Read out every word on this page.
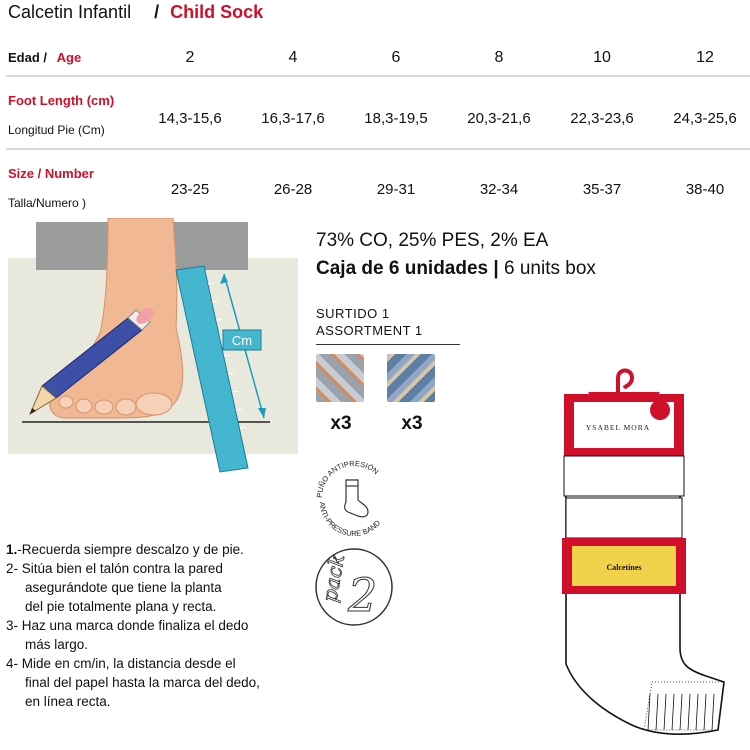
Calcetin Infantil / Child Sock
Edad / Age	2	4	6	8	10	12
Foot Length (cm)
Longitud Pie (Cm)
14,3-15,6	16,3-17,6	18,3-19,5	20,3-21,6	22,3-23,6	24,3-25,6
Size / Number
Talla/Numero )
23-25	26-28	29-31	32-34	35-37	38-40
Cm
73% CO, 25% PES, 2% EA
Caja de 6 unidades | 6 units box
SURTIDO 1
ASSORTMENT 1
x3	x3
PUÑO ANTIPRESIÓN
ANTI-PRESSURE BAND
pack
2
YSABEL MORA
Calcetines
1.-Recuerda siempre descalzo y de pie.
2- Sitúa bien el talón contra la pared
asegurándote que tiene la planta
del pie totalmente plana y recta.
3- Haz una marca donde finaliza el dedo
más largo.
4- Mide en cm/in, la distancia desde el
final del papel hasta la marca del dedo,
en línea recta.
